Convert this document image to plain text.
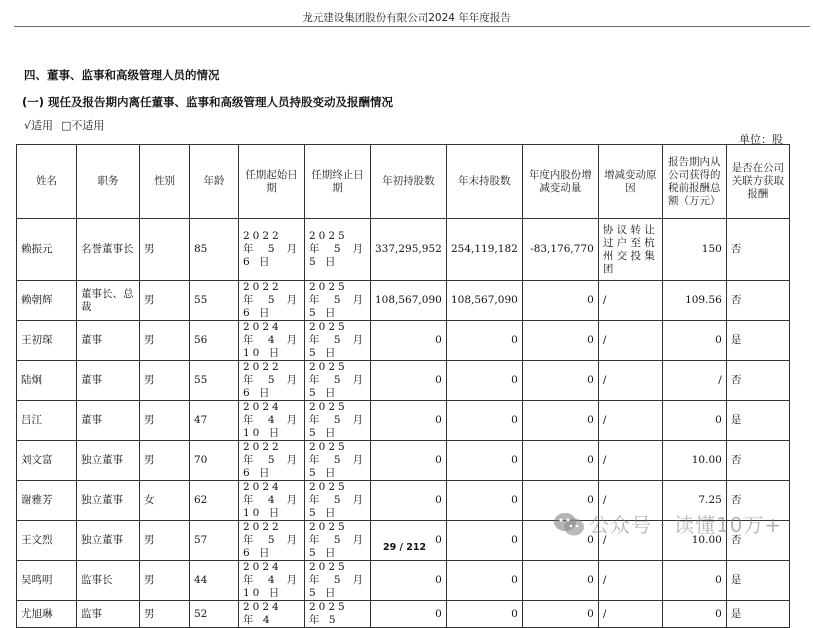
龙元建设集团股份有限公司2024 年年度报告
四、董事、监事和高级管理人员的情况
(一) 现任及报告期内离任董事、监事和高级管理人员持股变动及报酬情况
√ 适用 □ 不适用
单位：股
姓名	职务	性别	年龄	任期起始日期	任期终止日期	年初持股数	年末持股数	年度内股份增减变动量	增减变动原因	报告期内从公司获得的税前报酬总额（万元）	是否在公司关联方获取报酬
赖振元	名誉董事长	男	85	2022 年 5 月 6 日	2025 年 5 月 5 日	337,295,952	254,119,182	-83,176,770	协议转让过户至杭州交投集团	150	否
赖朝辉	董事长、总裁	男	55	2022 年 5 月 6 日	2025 年 5 月 5 日	108,567,090	108,567,090	0	/	109.56	否
王初琛	董事	男	56	2024 年 4 月 10 日	2025 年 5 月 5 日	0	0	0	/	0	是
陆炯	董事	男	55	2022 年 5 月 6 日	2025 年 5 月 5 日	0	0	0	/	/	否
吕江	董事	男	47	2024 年 4 月 10 日	2025 年 5 月 5 日	0	0	0	/	0	是
刘文富	独立董事	男	70	2022 年 5 月 6 日	2025 年 5 月 5 日	0	0	0	/	10.00	否
谢雅芳	独立董事	女	62	2024 年 4 月 10 日	2025 年 5 月 5 日	0	0	0	/	7.25	否
王文烈	独立董事	男	57	2022 年 5 月 6 日	2025 年 5 月 5 日	0	0	0	/	10.00	否
吴鸣明	监事长	男	44	2024 年 4 月 10 日	2025 年 5 月 5 日	0	0	0	/	0	是
尤旭琳	监事	男	52	2024 年 4	2025 年 5	0	0	0	/	0	是
29 / 212
公众号 · 读懂10万+
